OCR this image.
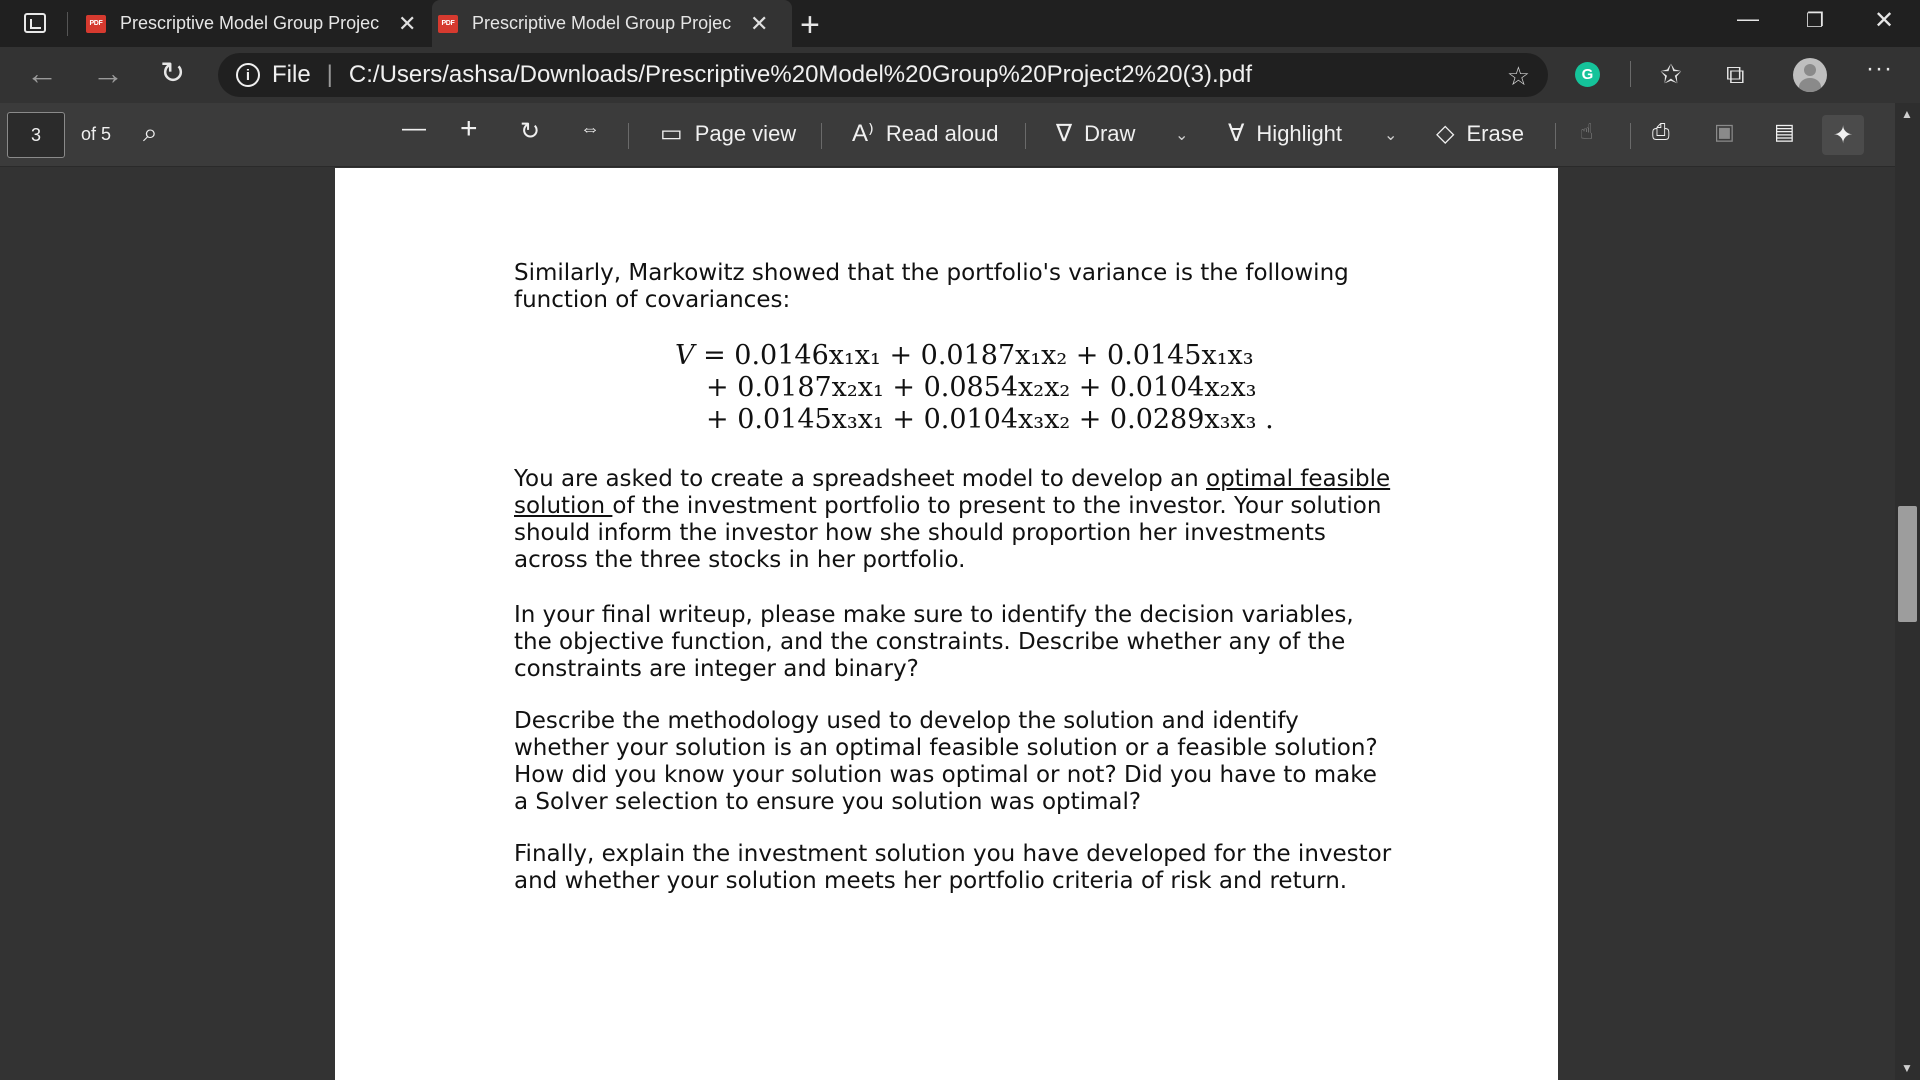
PDF Prescriptive Model Group Projec ✕	PDF Prescriptive Model Group Projec ✕ +	— ❐ ✕
← → ↻	i File | C:/Users/ashsa/Downloads/Prescriptive%20Model%20Group%20Project2%20(3).pdf	☆	G	✩ ⧉	···
3	of 5 ⌕	— + ↻ ⇔	▭ Page view A⁾ Read aloud ∇ Draw ⌄ ∀ Highlight	⌄ ◇ Erase	☝	⎙ ▣ ▤	✦

Similarly, Markowitz showed that the portfolio's variance is the following function of covariances:

V = 0.0146x₁x₁ + 0.0187x₁x₂ + 0.0145x₁x₃
+ 0.0187x₂x₁ + 0.0854x₂x₂ + 0.0104x₂x₃
+ 0.0145x₃x₁ + 0.0104x₃x₂ + 0.0289x₃x₃ .

You are asked to create a spreadsheet model to develop an optimal feasible
solution of the investment portfolio to present to the investor. Your solution should inform the investor how she should proportion her investments across the three stocks in her portfolio.

In your final writeup, please make sure to identify the decision variables, the objective function, and the constraints. Describe whether any of the constraints are integer and binary?

Describe the methodology used to develop the solution and identify whether your solution is an optimal feasible solution or a feasible solution? How did you know your solution was optimal or not? Did you have to make a Solver selection to ensure you solution was optimal?

Finally, explain the investment solution you have developed for the investor and whether your solution meets her portfolio criteria of risk and return.

▲
▼
